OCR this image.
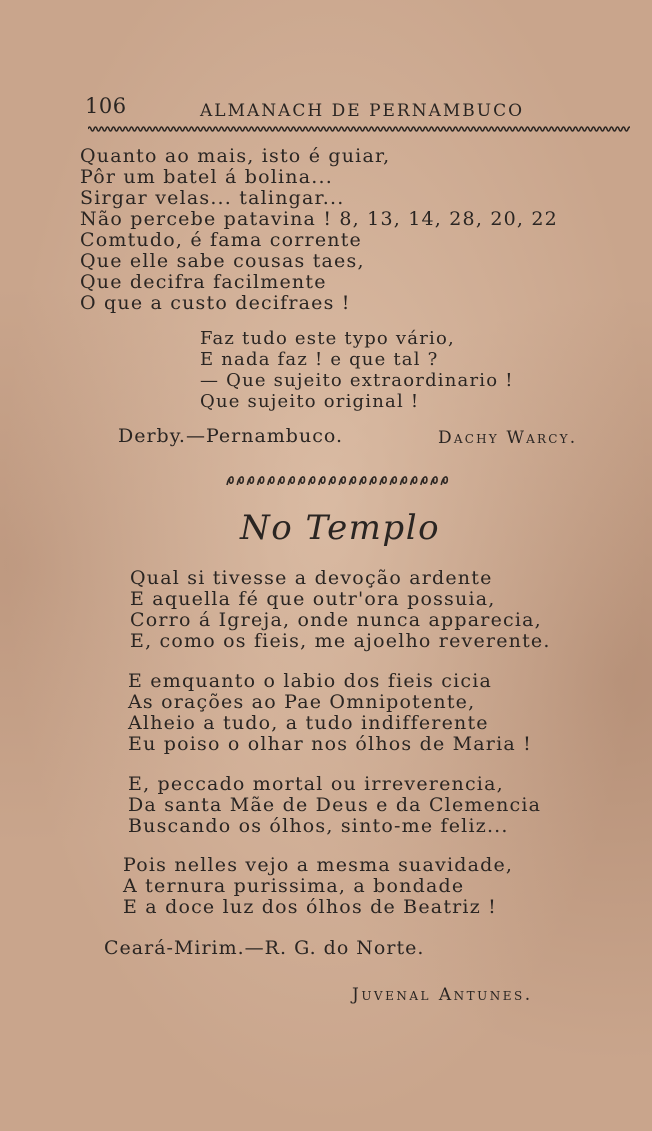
106	ALMANACH DE PERNAMBUCO
Quanto ao mais, isto é guiar,
Pôr um batel á bolina...
Sirgar velas... talingar...
Não percebe patavina ! 8, 13, 14, 28, 20, 22
Comtudo, é fama corrente
Que elle sabe cousas taes,
Que decifra facilmente
O que a custo decifraes !
Faz tudo este typo vário,
E nada faz ! e que tal ?
— Que sujeito extraordinario !
Que sujeito original !
Derby.—Pernambuco.	Dachy Warcy.
No Templo
Qual si tivesse a devoção ardente
E aquella fé que outr'ora possuia,
Corro á Igreja, onde nunca apparecia,
E, como os fieis, me ajoelho reverente.
E emquanto o labio dos fieis cicia
As orações ao Pae Omnipotente,
Alheio a tudo, a tudo indifferente
Eu poiso o olhar nos ólhos de Maria !
E, peccado mortal ou irreverencia,
Da santa Mãe de Deus e da Clemencia
Buscando os ólhos, sinto-me feliz...
Pois nelles vejo a mesma suavidade,
A ternura purissima, a bondade
E a doce luz dos ólhos de Beatriz !
Ceará-Mirim.—R. G. do Norte.
Juvenal Antunes.
